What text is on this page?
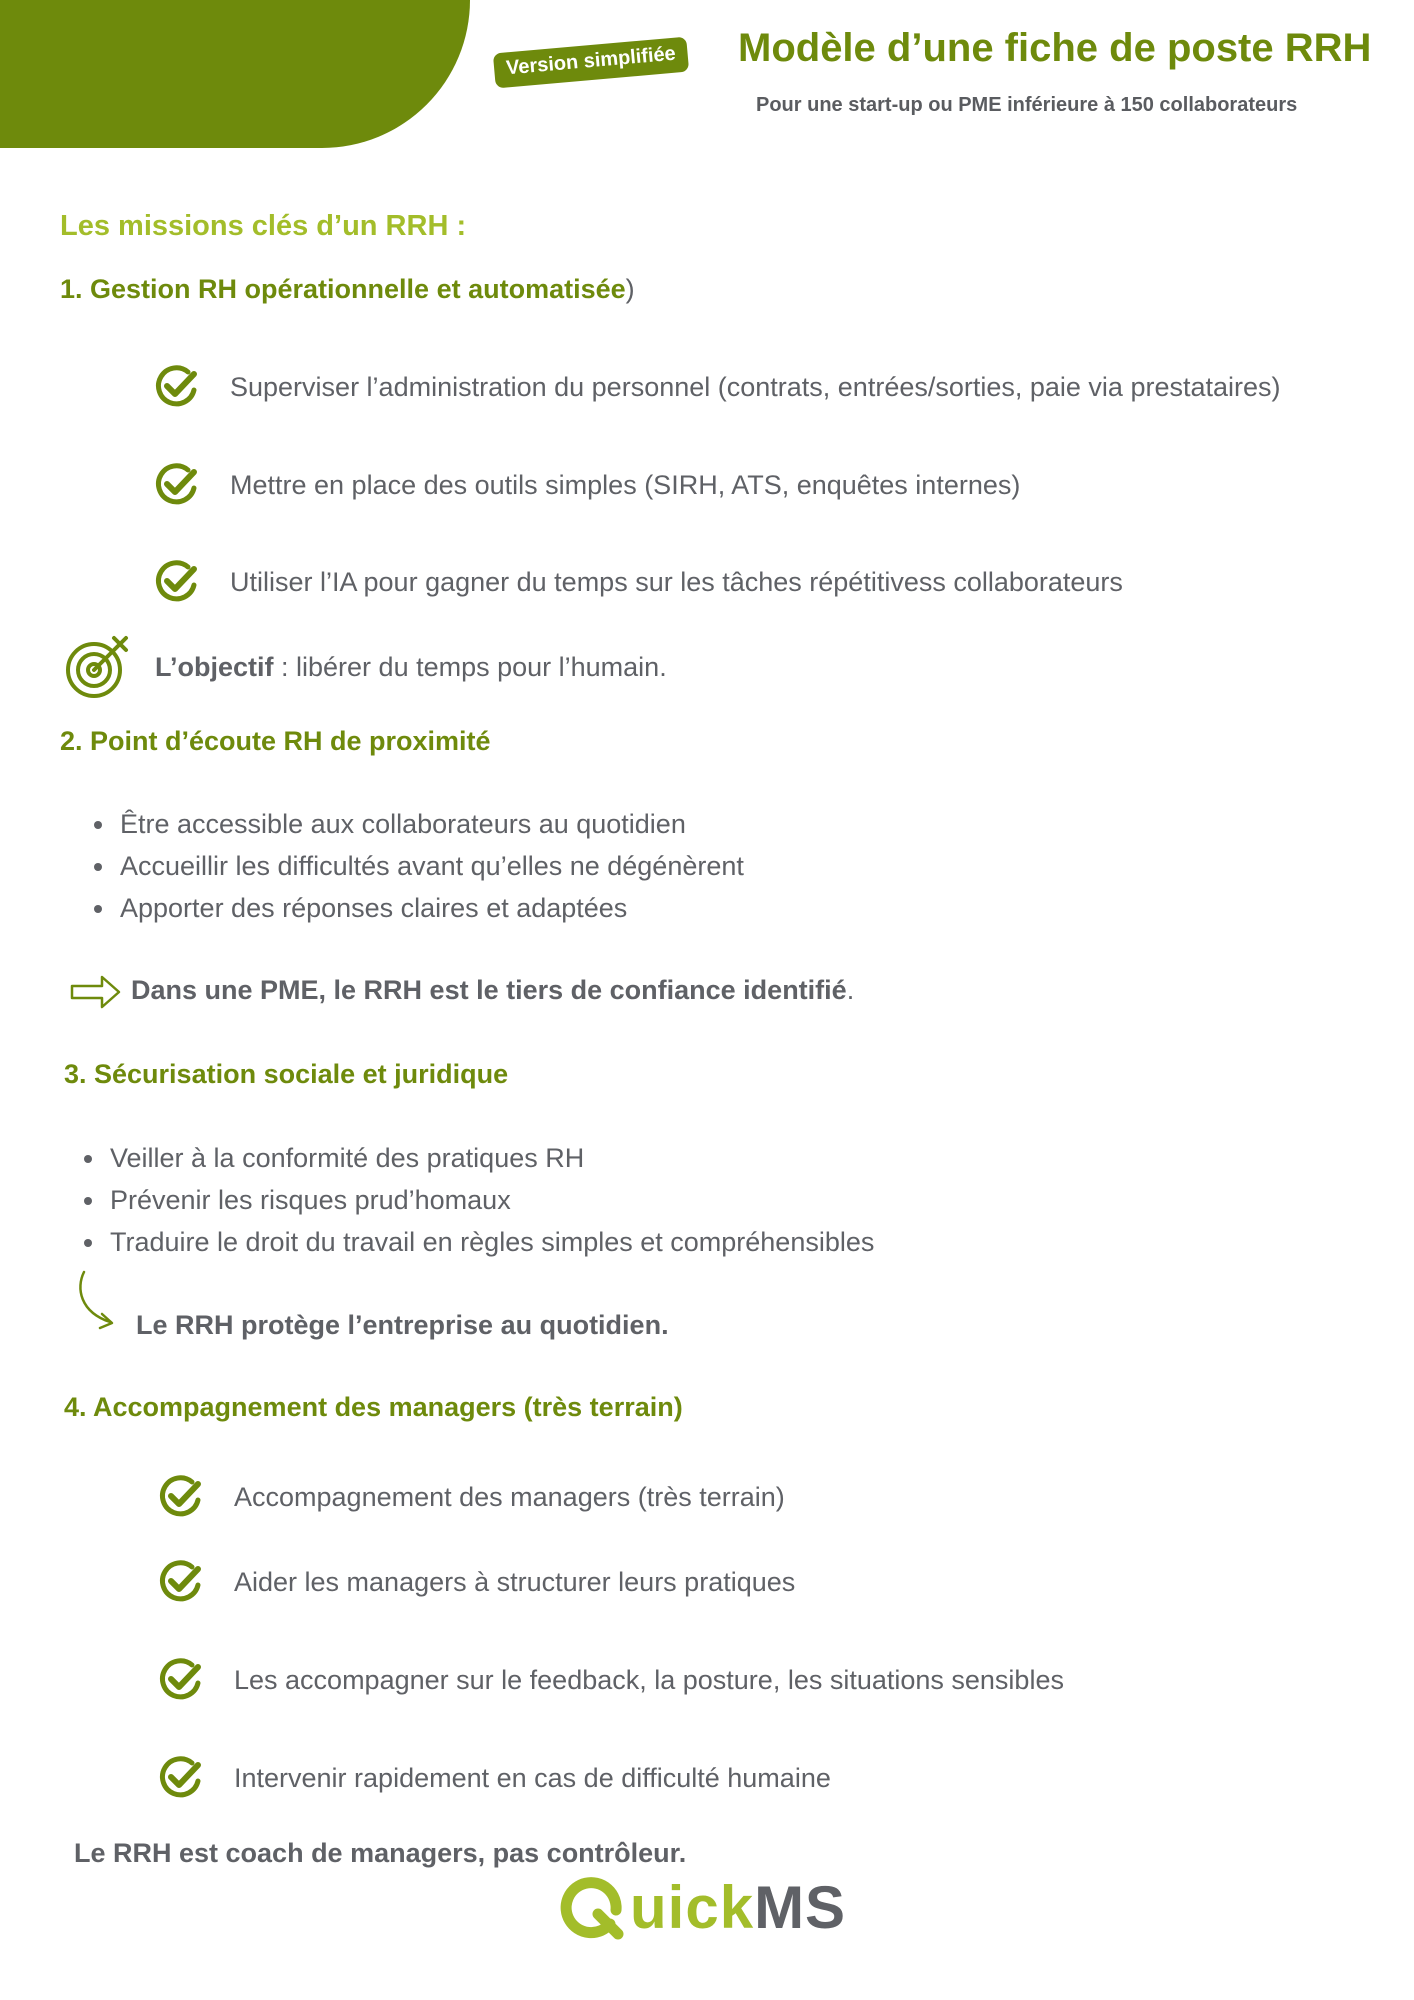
Version simplifiée	Modèle d’une fiche de poste RRH
Pour une start-up ou PME inférieure à 150 collaborateurs
Les missions clés d’un RRH :
1. Gestion RH opérationnelle et automatisée)
Superviser l’administration du personnel (contrats, entrées/sorties, paie via prestataires)
Mettre en place des outils simples (SIRH, ATS, enquêtes internes)
Utiliser l’IA pour gagner du temps sur les tâches répétitivess collaborateurs
L’objectif : libérer du temps pour l’humain.
2. Point d’écoute RH de proximité
Être accessible aux collaborateurs au quotidien
Accueillir les difficultés avant qu’elles ne dégénèrent
Apporter des réponses claires et adaptées
Dans une PME, le RRH est le tiers de confiance identifié.
3. Sécurisation sociale et juridique
Veiller à la conformité des pratiques RH
Prévenir les risques prud’homaux
Traduire le droit du travail en règles simples et compréhensibles
Le RRH protège l’entreprise au quotidien.
4. Accompagnement des managers (très terrain)
Accompagnement des managers (très terrain)
Aider les managers à structurer leurs pratiques
Les accompagner sur le feedback, la posture, les situations sensibles
Intervenir rapidement en cas de difficulté humaine
Le RRH est coach de managers, pas contrôleur.
uick MS
